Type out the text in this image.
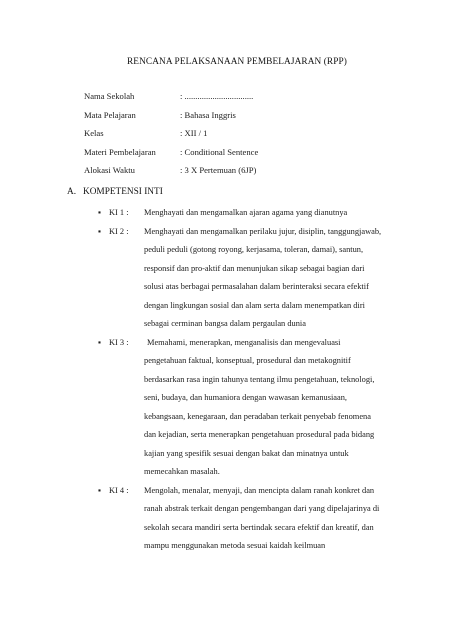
RENCANA PELAKSANAAN PEMBELAJARAN (RPP)
Nama Sekolah	: ................................
Mata Pelajaran	: Bahasa Inggris
Kelas	: XII / 1
Materi Pembelajaran	: Conditional Sentence
Alokasi Waktu	: 3 X Pertemuan (6JP)
A. KOMPETENSI INTI
▪ KI 1 : Menghayati dan mengamalkan ajaran agama yang dianutnya
▪ KI 2 : Menghayati dan mengamalkan perilaku jujur, disiplin, tanggungjawab,
peduli peduli (gotong royong, kerjasama, toleran, damai), santun,
responsif dan pro-aktif dan menunjukan sikap sebagai bagian dari
solusi atas berbagai permasalahan dalam berinteraksi secara efektif
dengan lingkungan sosial dan alam serta dalam menempatkan diri
sebagai cerminan bangsa dalam pergaulan dunia
▪ KI 3 : Memahami, menerapkan, menganalisis dan mengevaluasi
pengetahuan faktual, konseptual, prosedural dan metakognitif
berdasarkan rasa ingin tahunya tentang ilmu pengetahuan, teknologi,
seni, budaya, dan humaniora dengan wawasan kemanusiaan,
kebangsaan, kenegaraan, dan peradaban terkait penyebab fenomena
dan kejadian, serta menerapkan pengetahuan prosedural pada bidang
kajian yang spesifik sesuai dengan bakat dan minatnya untuk
memecahkan masalah.
▪ KI 4 : Mengolah, menalar, menyaji, dan mencipta dalam ranah konkret dan
ranah abstrak terkait dengan pengembangan dari yang dipelajarinya di
sekolah secara mandiri serta bertindak secara efektif dan kreatif, dan
mampu menggunakan metoda sesuai kaidah keilmuan
